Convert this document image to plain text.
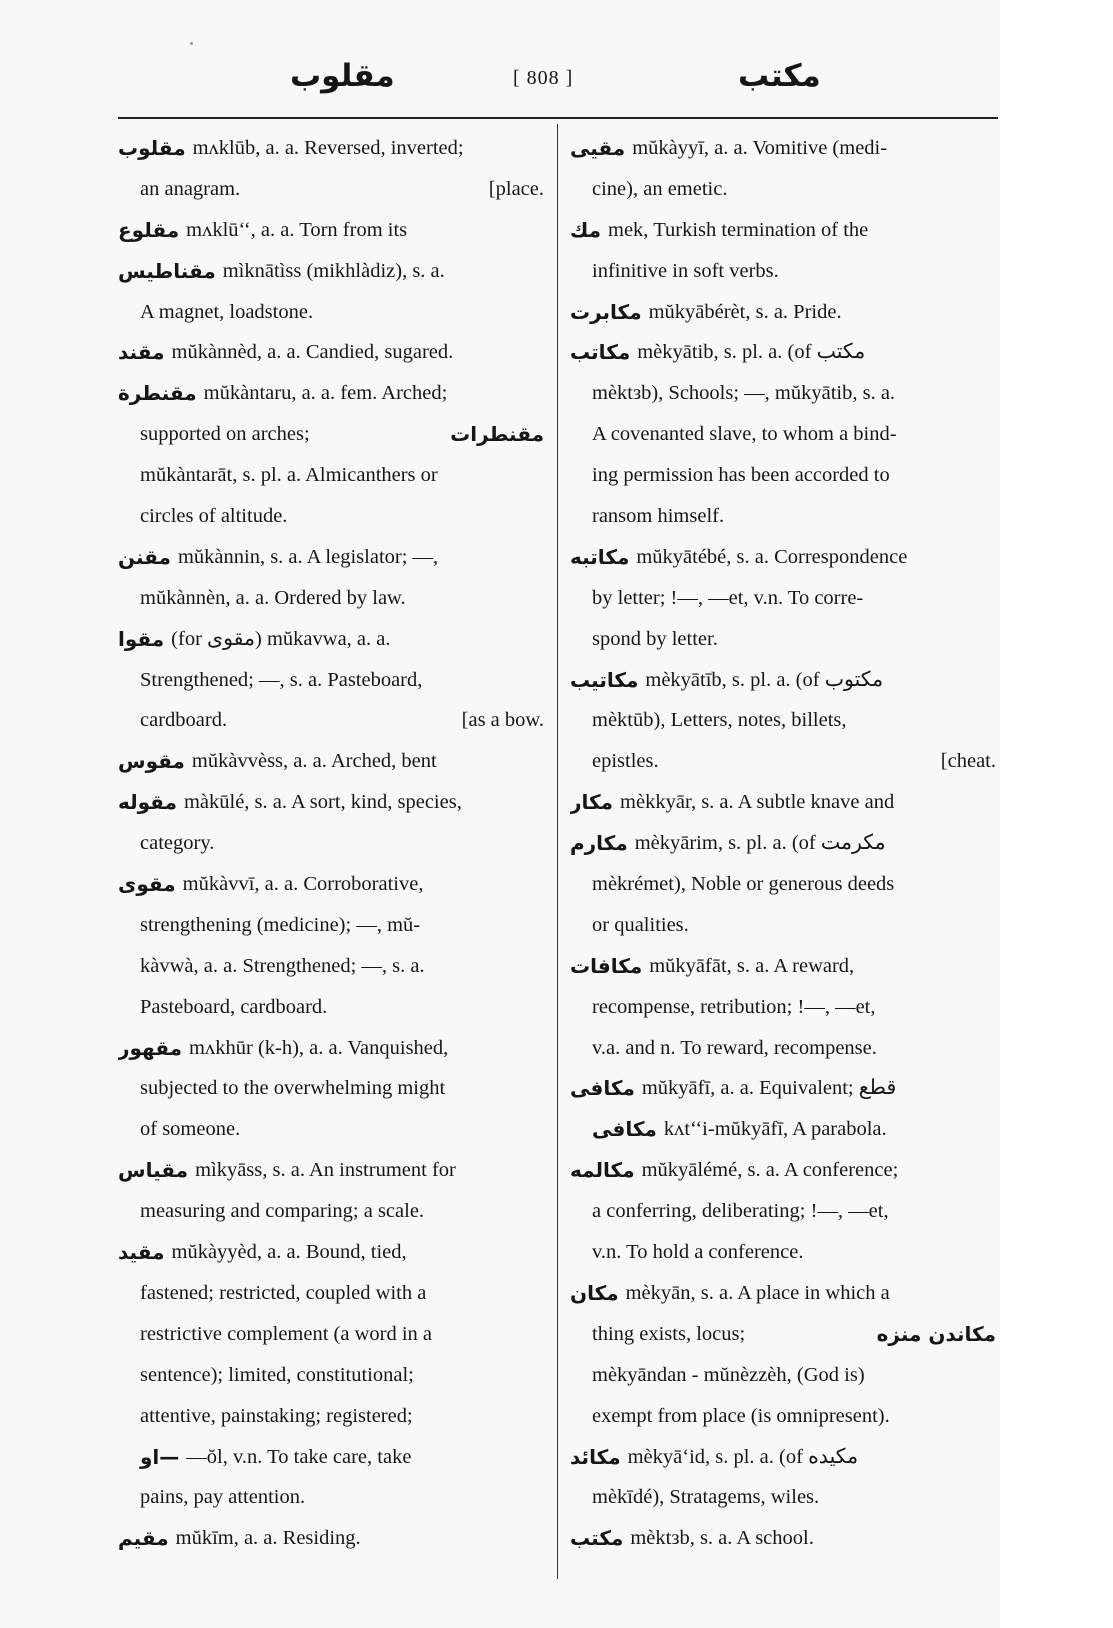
مقلوب	[ 808 ]	مكتب
مقلوب mʌklūb, a. a. Reversed, inverted;
an anagram.	[place.
مقلوع mʌklū‘‘, a. a. Torn from its
مقناطيس mìknātìss (mikhlàdiz), s. a.
A magnet, loadstone.
مقند mŭkànnèd, a. a. Candied, sugared.
مقنطرة mŭkàntaru, a. a. fem. Arched;
supported on arches;	مقنطرات
mŭkàntarāt, s. pl. a. Almicanthers or
circles of altitude.
مقنن mŭkànnin, s. a. A legislator; —,
mŭkànnèn, a. a. Ordered by law.
مقوا (for مقوى) mŭkavwa, a. a.
Strengthened; —, s. a. Pasteboard,
cardboard.	[as a bow.
مقوس mŭkàvvèss, a. a. Arched, bent
مقوله màkūlé, s. a. A sort, kind, species,
category.
مقوى mŭkàvvī, a. a. Corroborative,
strengthening (medicine); —, mŭ-
kàvwà, a. a. Strengthened; —, s. a.
Pasteboard, cardboard.
مقهور mʌkhūr (k-h), a. a. Vanquished,
subjected to the overwhelming might
of someone.
مقياس mìkyāss, s. a. An instrument for
measuring and comparing; a scale.
مقيد mŭkàyyèd, a. a. Bound, tied,
fastened; restricted, coupled with a
restrictive complement (a word in a
sentence); limited, constitutional;
attentive, painstaking; registered;
—او —ŏl, v.n. To take care, take
pains, pay attention.
مقيم mŭkīm, a. a. Residing.
مقيى mŭkàyyī, a. a. Vomitive (medi-
cine), an emetic.
مك mek, Turkish termination of the
infinitive in soft verbs.
مكابرت mŭkyābérèt, s. a. Pride.
مكاتب mèkyātib, s. pl. a. (of مكتب
mèktзb), Schools; —, mŭkyātib, s. a.
A covenanted slave, to whom a bind-
ing permission has been accorded to
ransom himself.
مكاتبه mŭkyātébé, s. a. Correspondence
by letter; !—, —et, v.n. To corre-
spond by letter.
مكاتيب mèkyātīb, s. pl. a. (of مكتوب
mèktūb), Letters, notes, billets,
epistles.	[cheat.
مكار mèkkyār, s. a. A subtle knave and
مكارم mèkyārim, s. pl. a. (of مكرمت
mèkrémet), Noble or generous deeds
or qualities.
مكافات mŭkyāfāt, s. a. A reward,
recompense, retribution; !—, —et,
v.a. and n. To reward, recompense.
مكافى mŭkyāfī, a. a. Equivalent; قطع
مكافى kʌt‘‘i-mŭkyāfī, A parabola.
مكالمه mŭkyālémé, s. a. A conference;
a conferring, deliberating; !—, —et,
v.n. To hold a conference.
مكان mèkyān, s. a. A place in which a
thing exists, locus;	مكاندن منزه
mèkyāndan - mŭnèzzèh, (God is)
exempt from place (is omnipresent).
مكائد mèkyā‘id, s. pl. a. (of مكيده
mèkīdé), Stratagems, wiles.
مكتب mèktзb, s. a. A school.
